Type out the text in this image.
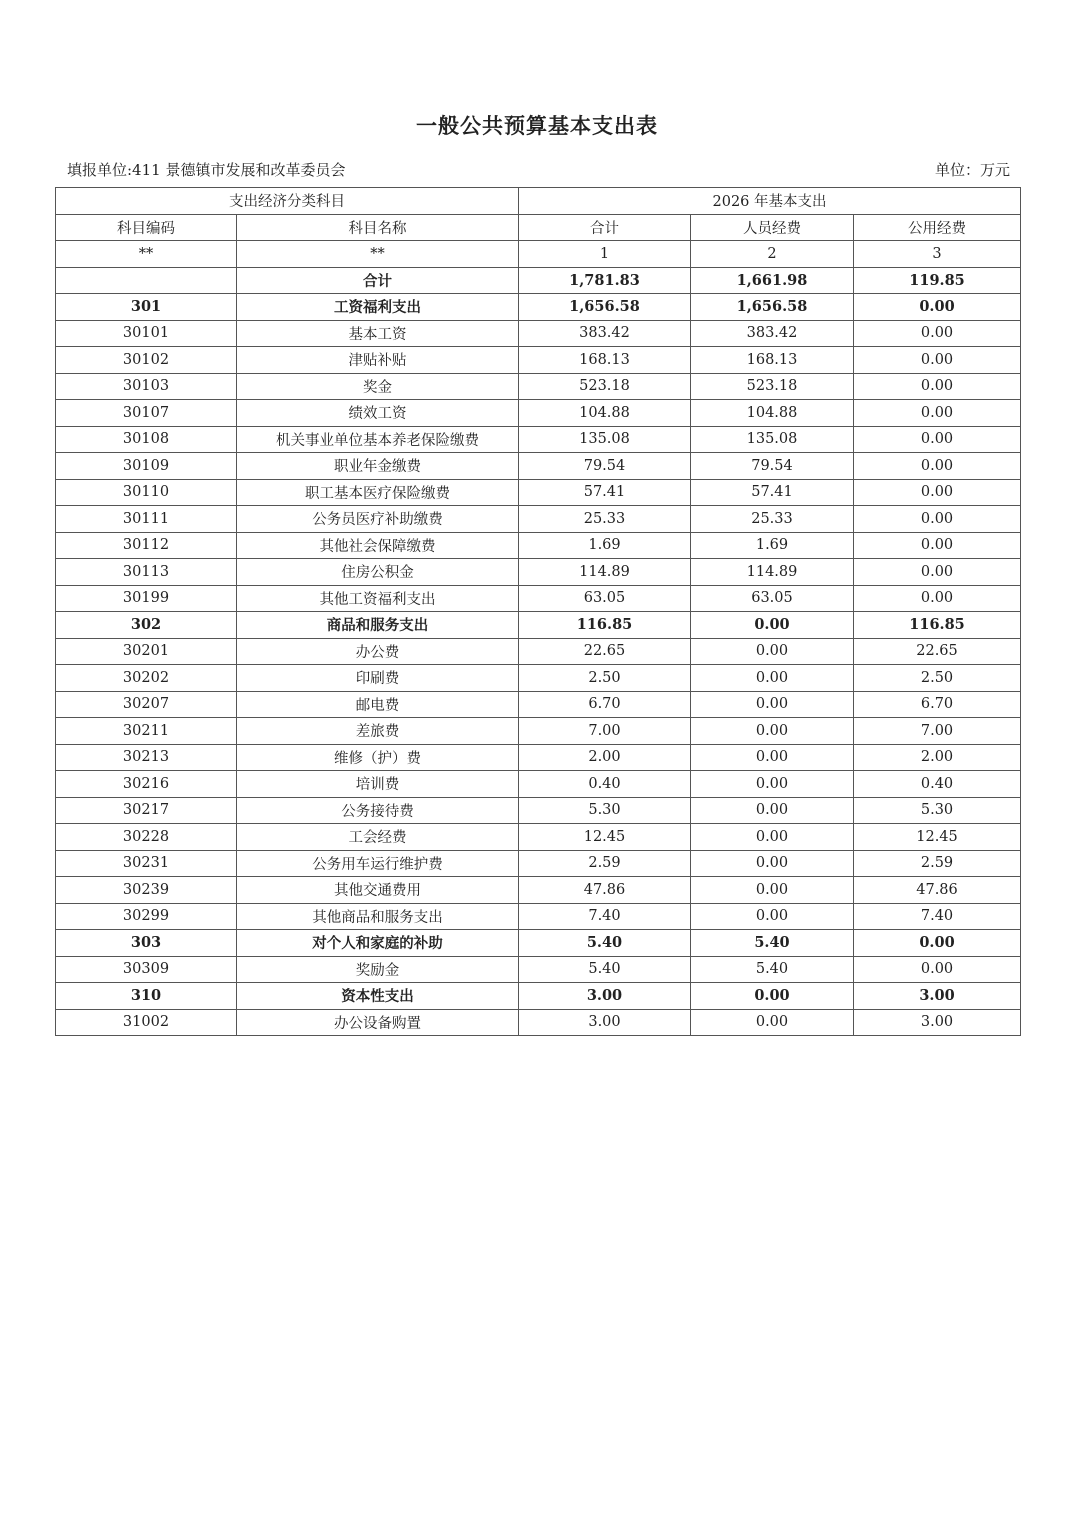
一般公共预算基本支出表
填报单位:411 景德镇市发展和改革委员会	单位：万元
支出经济分类科目		2026 年基本支出		
科目编码	科目名称	合计	人员经费	公用经费
**	**	1	2	3
	合计	1,781.83	1,661.98	119.85
301	工资福利支出	1,656.58	1,656.58	0.00
30101	基本工资	383.42	383.42	0.00
30102	津贴补贴	168.13	168.13	0.00
30103	奖金	523.18	523.18	0.00
30107	绩效工资	104.88	104.88	0.00
30108	机关事业单位基本养老保险缴费	135.08	135.08	0.00
30109	职业年金缴费	79.54	79.54	0.00
30110	职工基本医疗保险缴费	57.41	57.41	0.00
30111	公务员医疗补助缴费	25.33	25.33	0.00
30112	其他社会保障缴费	1.69	1.69	0.00
30113	住房公积金	114.89	114.89	0.00
30199	其他工资福利支出	63.05	63.05	0.00
302	商品和服务支出	116.85	0.00	116.85
30201	办公费	22.65	0.00	22.65
30202	印刷费	2.50	0.00	2.50
30207	邮电费	6.70	0.00	6.70
30211	差旅费	7.00	0.00	7.00
30213	维修（护）费	2.00	0.00	2.00
30216	培训费	0.40	0.00	0.40
30217	公务接待费	5.30	0.00	5.30
30228	工会经费	12.45	0.00	12.45
30231	公务用车运行维护费	2.59	0.00	2.59
30239	其他交通费用	47.86	0.00	47.86
30299	其他商品和服务支出	7.40	0.00	7.40
303	对个人和家庭的补助	5.40	5.40	0.00
30309	奖励金	5.40	5.40	0.00
310	资本性支出	3.00	0.00	3.00
31002	办公设备购置	3.00	0.00	3.00
